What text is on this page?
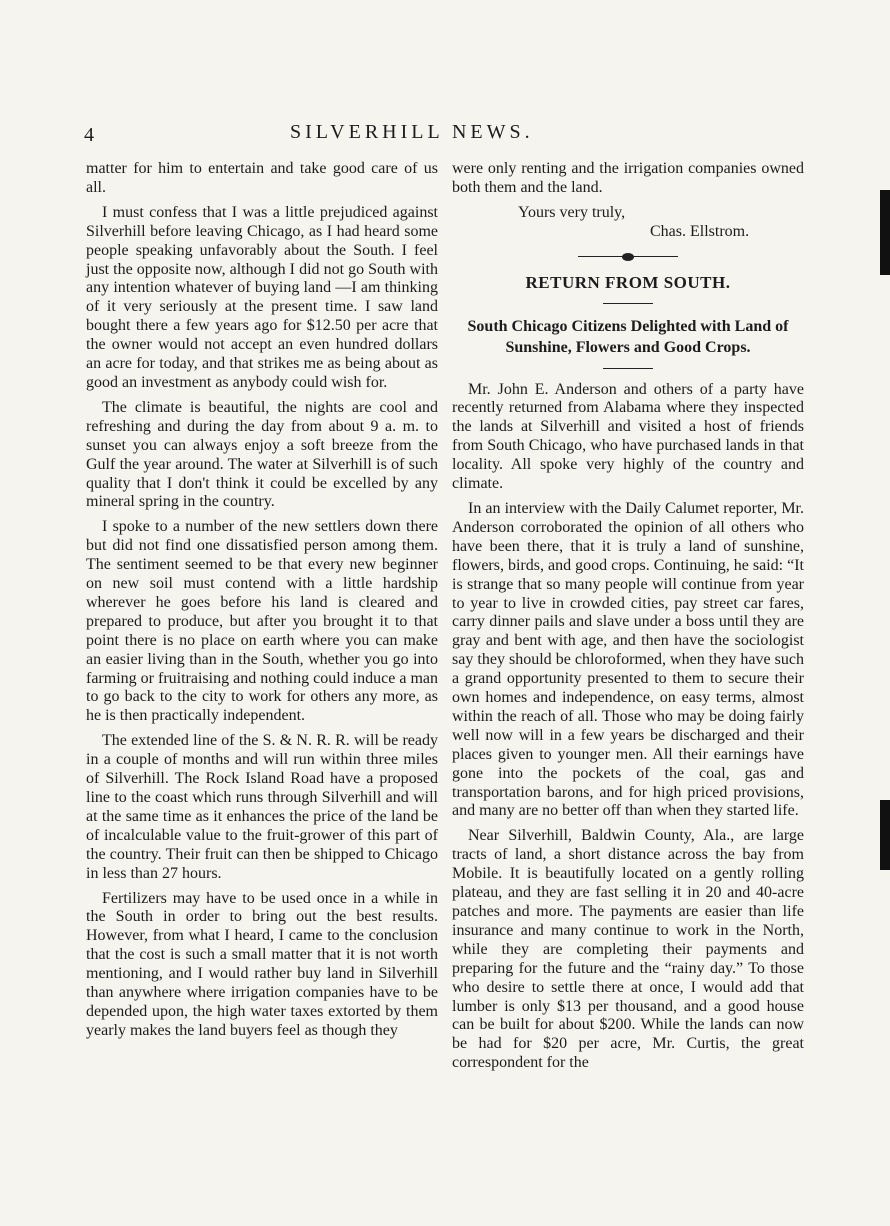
4	SILVERHILL NEWS.

matter for him to entertain and take good care of us all.

I must confess that I was a little prejudiced against Silverhill before leaving Chicago, as I had heard some people speaking unfavorably about the South. I feel just the opposite now, although I did not go South with any intention whatever of buying land —I am thinking of it very seriously at the present time. I saw land bought there a few years ago for $12.50 per acre that the owner would not accept an even hundred dollars an acre for today, and that strikes me as being about as good an investment as anybody could wish for.

The climate is beautiful, the nights are cool and refreshing and during the day from about 9 a. m. to sunset you can always enjoy a soft breeze from the Gulf the year around. The water at Silverhill is of such quality that I don't think it could be excelled by any mineral spring in the country.

I spoke to a number of the new settlers down there but did not find one dissatisfied person among them. The sentiment seemed to be that every new beginner on new soil must contend with a little hardship wherever he goes before his land is cleared and prepared to produce, but after you brought it to that point there is no place on earth where you can make an easier living than in the South, whether you go into farming or fruitraising and nothing could induce a man to go back to the city to work for others any more, as he is then practically independent.

The extended line of the S. & N. R. R. will be ready in a couple of months and will run within three miles of Silverhill. The Rock Island Road have a proposed line to the coast which runs through Silverhill and will at the same time as it enhances the price of the land be of incalculable value to the fruit-grower of this part of the country. Their fruit can then be shipped to Chicago in less than 27 hours.

Fertilizers may have to be used once in a while in the South in order to bring out the best results. However, from what I heard, I came to the conclusion that the cost is such a small matter that it is not worth mentioning, and I would rather buy land in Silverhill than anywhere where irrigation companies have to be depended upon, the high water taxes extorted by them yearly makes the land buyers feel as though they

were only renting and the irrigation companies owned both them and the land.

Yours very truly,
Chas. Ellstrom.
RETURN FROM SOUTH.
South Chicago Citizens Delighted with Land of Sunshine, Flowers and Good Crops.

Mr. John E. Anderson and others of a party have recently returned from Alabama where they inspected the lands at Silverhill and visited a host of friends from South Chicago, who have purchased lands in that locality. All spoke very highly of the country and climate.

In an interview with the Daily Calumet reporter, Mr. Anderson corroborated the opinion of all others who have been there, that it is truly a land of sunshine, flowers, birds, and good crops. Continuing, he said: “It is strange that so many people will continue from year to year to live in crowded cities, pay street car fares, carry dinner pails and slave under a boss until they are gray and bent with age, and then have the sociologist say they should be chloroformed, when they have such a grand opportunity presented to them to secure their own homes and independence, on easy terms, almost within the reach of all. Those who may be doing fairly well now will in a few years be discharged and their places given to younger men. All their earnings have gone into the pockets of the coal, gas and transportation barons, and for high priced provisions, and many are no better off than when they started life.

Near Silverhill, Baldwin County, Ala., are large tracts of land, a short distance across the bay from Mobile. It is beautifully located on a gently rolling plateau, and they are fast selling it in 20 and 40-acre patches and more. The payments are easier than life insurance and many continue to work in the North, while they are completing their payments and preparing for the future and the “rainy day.” To those who desire to settle there at once, I would add that lumber is only $13 per thousand, and a good house can be built for about $200. While the lands can now be had for $20 per acre, Mr. Curtis, the great correspondent for the
